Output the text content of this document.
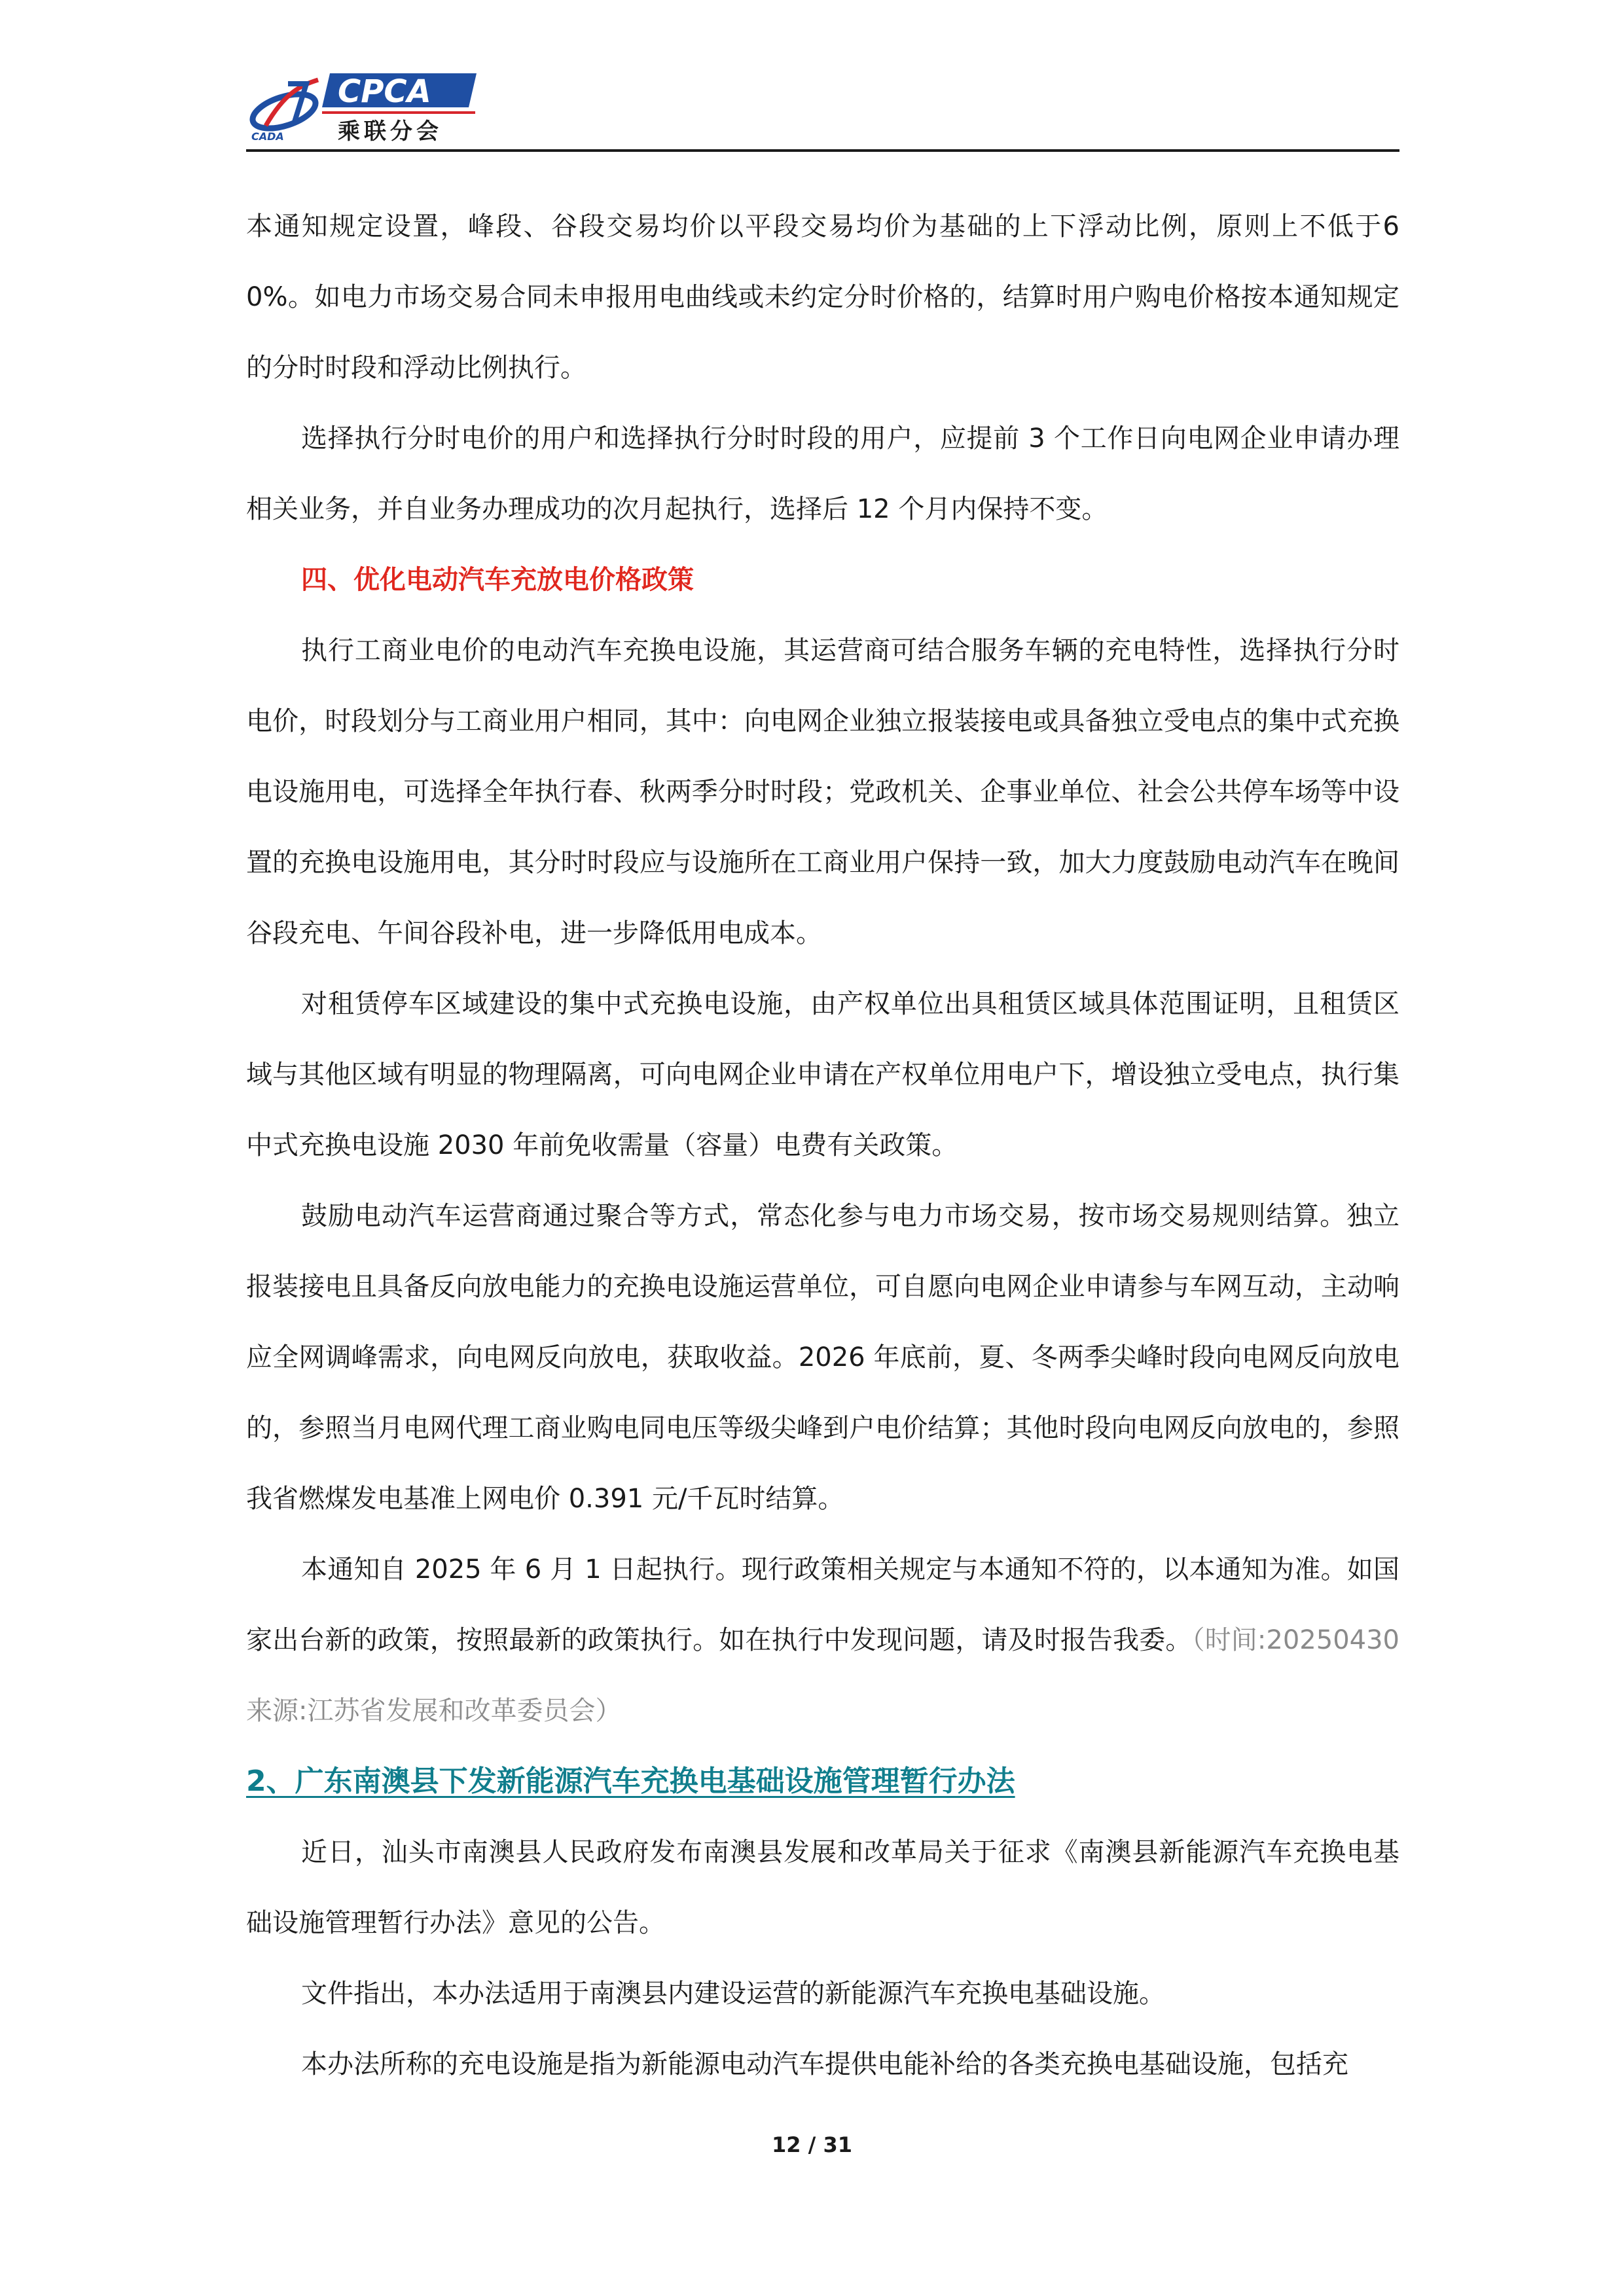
CADA
CPCA
乘联分会

本通知规定设置，峰段、谷段交易均价以平段交易均价为基础的上下浮动比例，原则上不低于60%。如电力市场交易合同未申报用电曲线或未约定分时价格的，结算时用户购电价格按本通知规定的分时时段和浮动比例执行。

选择执行分时电价的用户和选择执行分时时段的用户，应提前 3 个工作日向电网企业申请办理相关业务，并自业务办理成功的次月起执行，选择后 12 个月内保持不变。

四、优化电动汽车充放电价格政策

执行工商业电价的电动汽车充换电设施，其运营商可结合服务车辆的充电特性，选择执行分时电价，时段划分与工商业用户相同，其中：向电网企业独立报装接电或具备独立受电点的集中式充换电设施用电，可选择全年执行春、秋两季分时时段；党政机关、企事业单位、社会公共停车场等中设置的充换电设施用电，其分时时段应与设施所在工商业用户保持一致，加大力度鼓励电动汽车在晚间谷段充电、午间谷段补电，进一步降低用电成本。

对租赁停车区域建设的集中式充换电设施，由产权单位出具租赁区域具体范围证明，且租赁区域与其他区域有明显的物理隔离，可向电网企业申请在产权单位用电户下，增设独立受电点，执行集中式充换电设施 2030 年前免收需量（容量）电费有关政策。

鼓励电动汽车运营商通过聚合等方式，常态化参与电力市场交易，按市场交易规则结算。独立报装接电且具备反向放电能力的充换电设施运营单位，可自愿向电网企业申请参与车网互动，主动响应全网调峰需求，向电网反向放电，获取收益。2026 年底前，夏、冬两季尖峰时段向电网反向放电的，参照当月电网代理工商业购电同电压等级尖峰到户电价结算；其他时段向电网反向放电的，参照我省燃煤发电基准上网电价 0.391 元/千瓦时结算。

本通知自 2025 年 6 月 1 日起执行。现行政策相关规定与本通知不符的，以本通知为准。如国家出台新的政策，按照最新的政策执行。如在执行中发现问题，请及时报告我委。（时间:20250430　来源:江苏省发展和改革委员会）

2、广东南澳县下发新能源汽车充换电基础设施管理暂行办法

近日，汕头市南澳县人民政府发布南澳县发展和改革局关于征求《南澳县新能源汽车充换电基础设施管理暂行办法》意见的公告。

文件指出，本办法适用于南澳县内建设运营的新能源汽车充换电基础设施。

本办法所称的充电设施是指为新能源电动汽车提供电能补给的各类充换电基础设施，包括充

12 / 31
